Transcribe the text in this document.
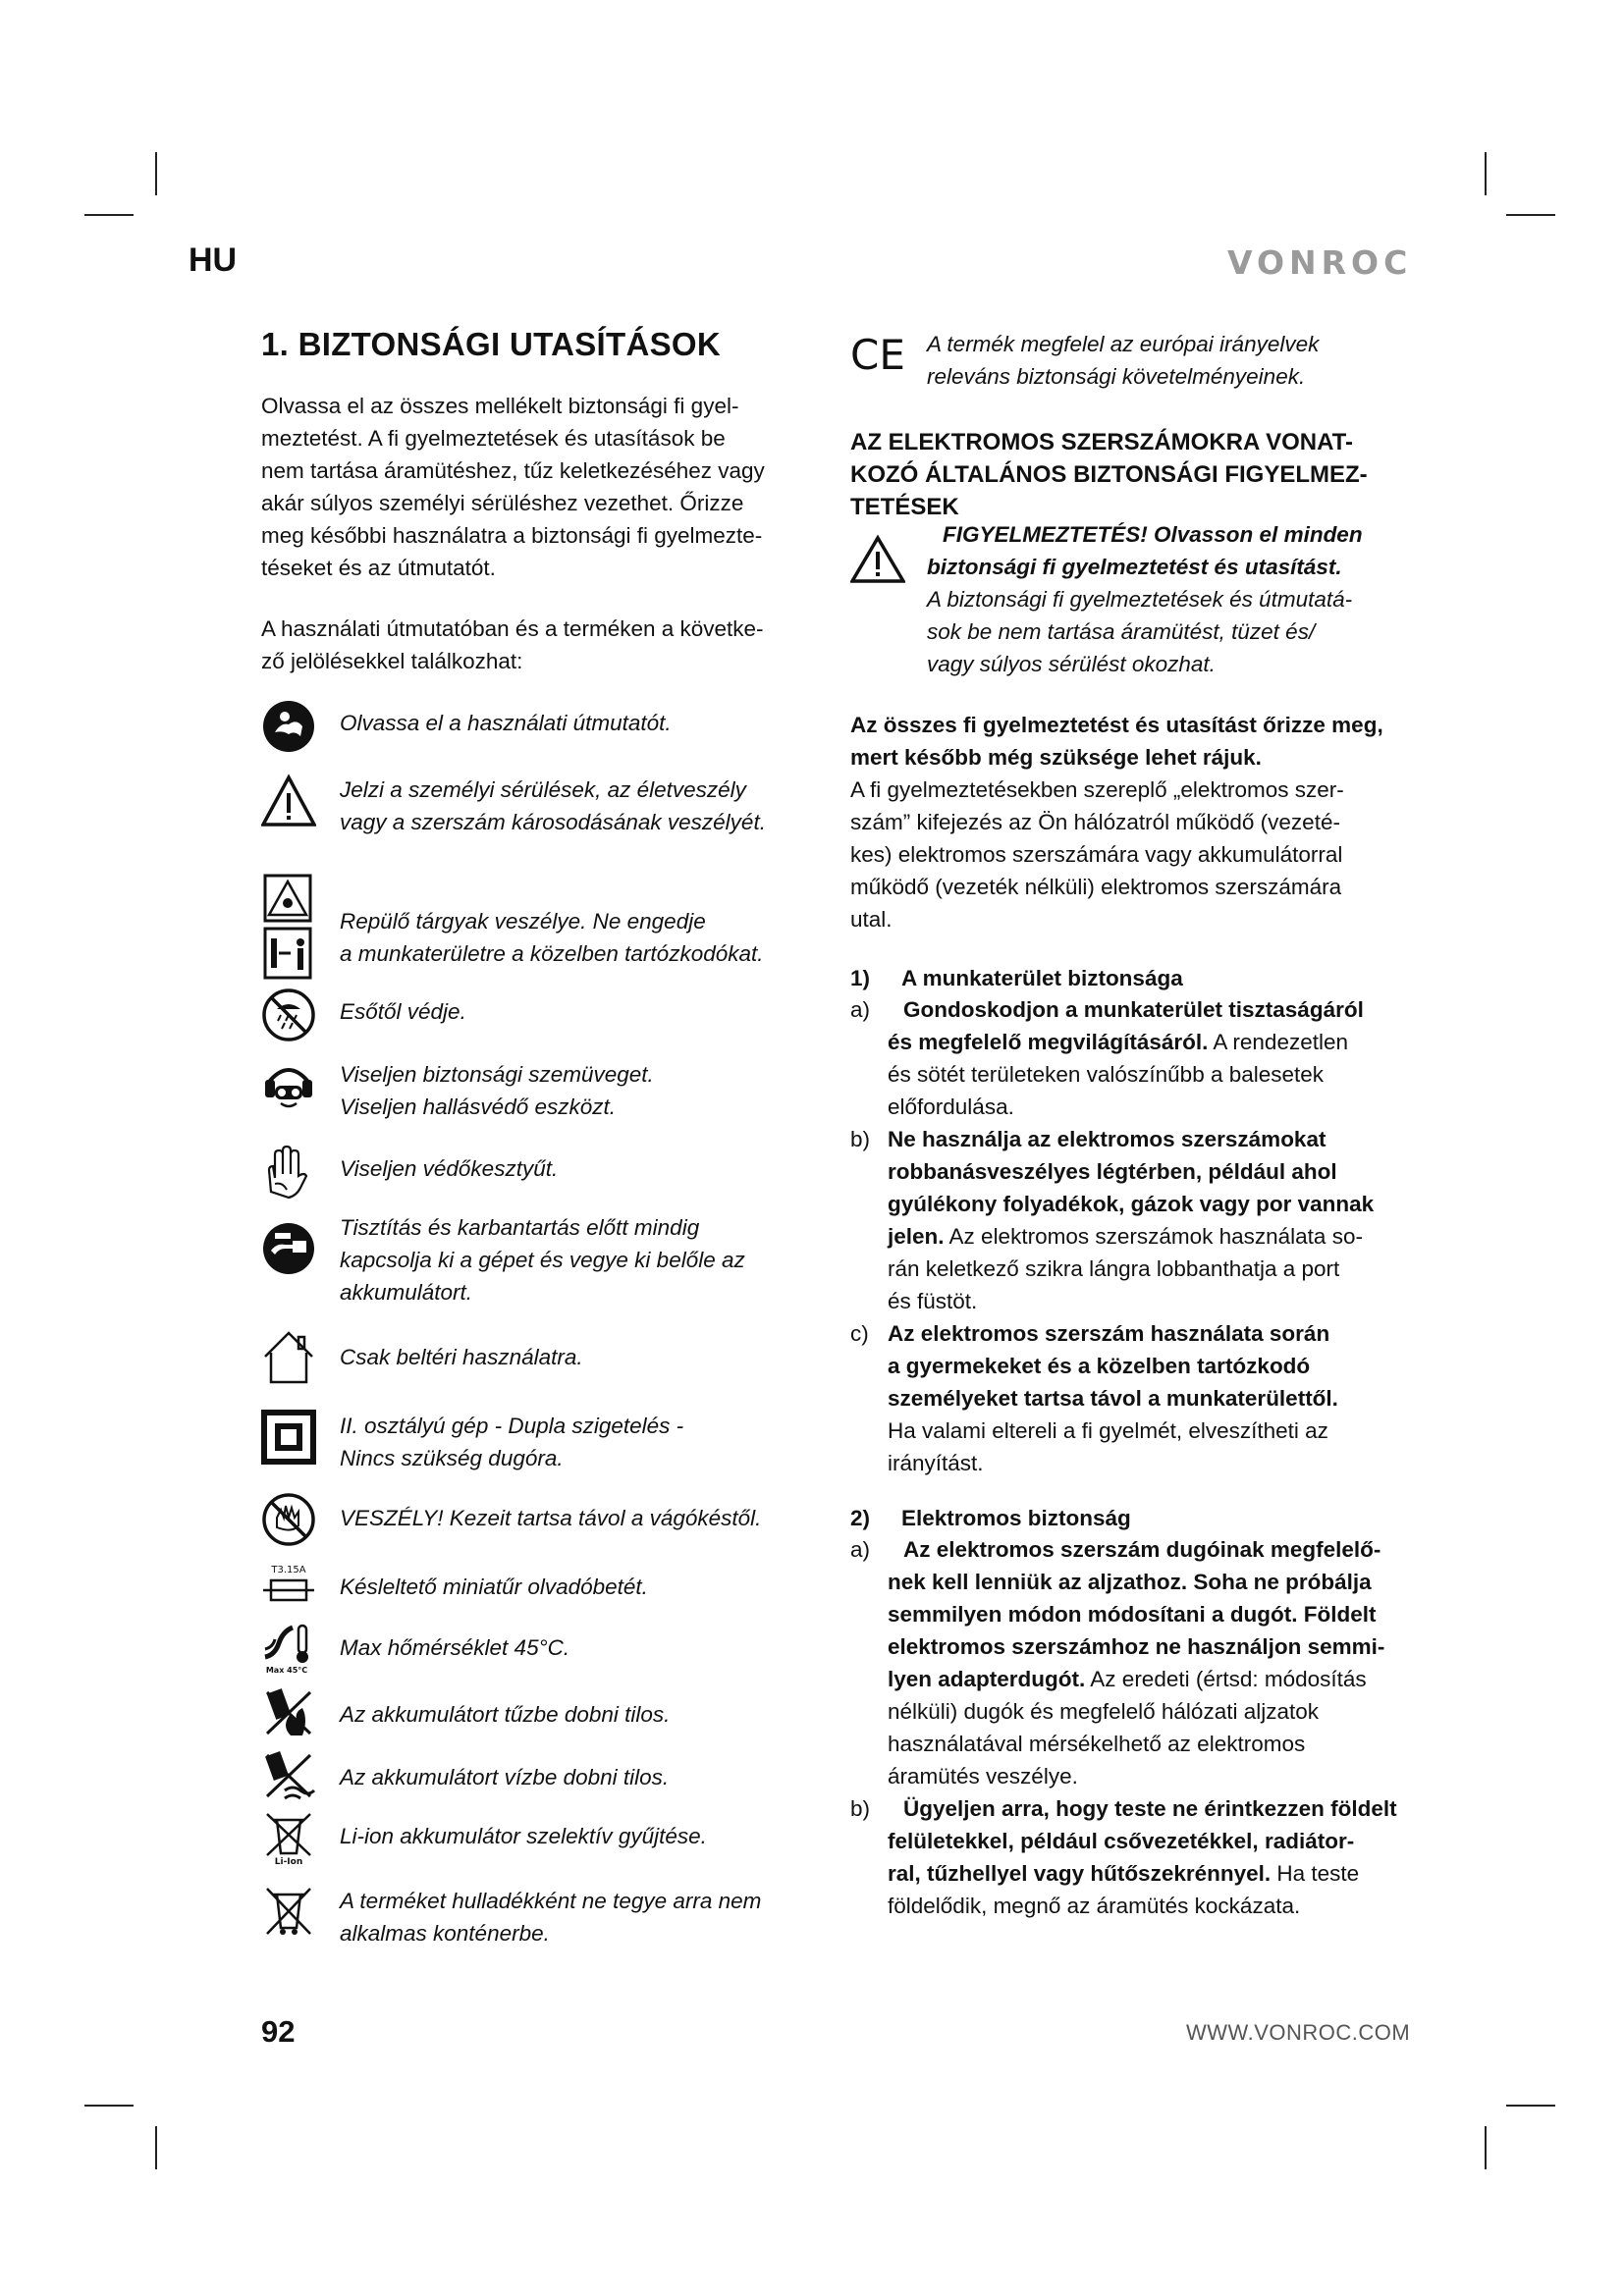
HU	VONROC
1. BIZTONSÁGI UTASÍTÁSOK

Olvassa el az összes mellékelt biztonsági fi gyel-

meztetést. A fi gyelmeztetések és utasítások be

nem tartása áramütéshez, tűz keletkezéséhez vagy

akár súlyos személyi sérüléshez vezethet. Őrizze

meg későbbi használatra a biztonsági fi gyelmezte-

téseket és az útmutatót.

A használati útmutatóban és a terméken a követke-

ző jelölésekkel találkozhat:

Olvassa el a használati útmutatót.
Jelzi a személyi sérülések, az életveszély
vagy a szerszám károsodásának veszélyét.
Repülő tárgyak veszélye. Ne engedje
a munkaterületre a közelben tartózkodókat.
Esőtől védje.
Viseljen biztonsági szemüveget.
Viseljen hallásvédő eszközt.
Viseljen védőkesztyűt.
Tisztítás és karbantartás előtt mindig
kapcsolja ki a gépet és vegye ki belőle az
akkumulátort.
Csak beltéri használatra.
II. osztályú gép - Dupla szigetelés -
Nincs szükség dugóra.
VESZÉLY! Kezeit tartsa távol a vágókéstől.
T3.15A
Késleltető miniatűr olvadóbetét.
Max 45°C
Max hőmérséklet 45°C.
Az akkumulátort tűzbe dobni tilos.
Az akkumulátort vízbe dobni tilos.
Li-Ion
Li-ion akkumulátor szelektív gyűjtése.
A terméket hulladékként ne tegye arra nem
alkalmas konténerbe.
CE A termék megfelel az európai irányelvek
releváns biztonsági követelményeinek.

AZ ELEKTROMOS SZERSZÁMOKRA VONAT-

KOZÓ ÁLTALÁNOS BIZTONSÁGI FIGYELMEZ-

TETÉSEK

FIGYELMEZTETÉS! Olvasson el minden
biztonsági fi gyelmeztetést és utasítást.
A biztonsági fi gyelmeztetések és útmutatá-
sok be nem tartása áramütést, tüzet és/
vagy súlyos sérülést okozhat.
Az összes fi gyelmeztetést és utasítást őrizze meg,
mert később még szüksége lehet rájuk.
A fi gyelmeztetésekben szereplő „elektromos szer-
szám” kifejezés az Ön hálózatról működő (vezeté-
kes) elektromos szerszámára vagy akkumulátorral
működő (vezeték nélküli) elektromos szerszámára
utal.
1)	A munkaterület biztonsága
a)	Gondoskodjon a munkaterület tisztaságáról
és megfelelő megvilágításáról. A rendezetlen
és sötét területeken valószínűbb a balesetek
előfordulása.
b) Ne használja az elektromos szerszámokat
robbanásveszélyes légtérben, például ahol
gyúlékony folyadékok, gázok vagy por vannak
jelen. Az elektromos szerszámok használata so-
rán keletkező szikra lángra lobbanthatja a port
és füstöt.
c) Az elektromos szerszám használata során
a gyermekeket és a közelben tartózkodó
személyeket tartsa távol a munkaterülettől.
Ha valami eltereli a fi gyelmét, elveszítheti az
irányítást.
2)	Elektromos biztonság
a)	Az elektromos szerszám dugóinak megfelelő-
nek kell lenniük az aljzathoz. Soha ne próbálja
semmilyen módon módosítani a dugót. Földelt
elektromos szerszámhoz ne használjon semmi-
lyen adapterdugót. Az eredeti (értsd: módosítás
nélküli) dugók és megfelelő hálózati aljzatok
használatával mérsékelhető az elektromos
áramütés veszélye.
b)	Ügyeljen arra, hogy teste ne érintkezzen földelt
felületekkel, például csővezetékkel, radiátor-
ral, tűzhellyel vagy hűtőszekrénnyel. Ha teste
földelődik, megnő az áramütés kockázata.
92	WWW.VONROC.COM
